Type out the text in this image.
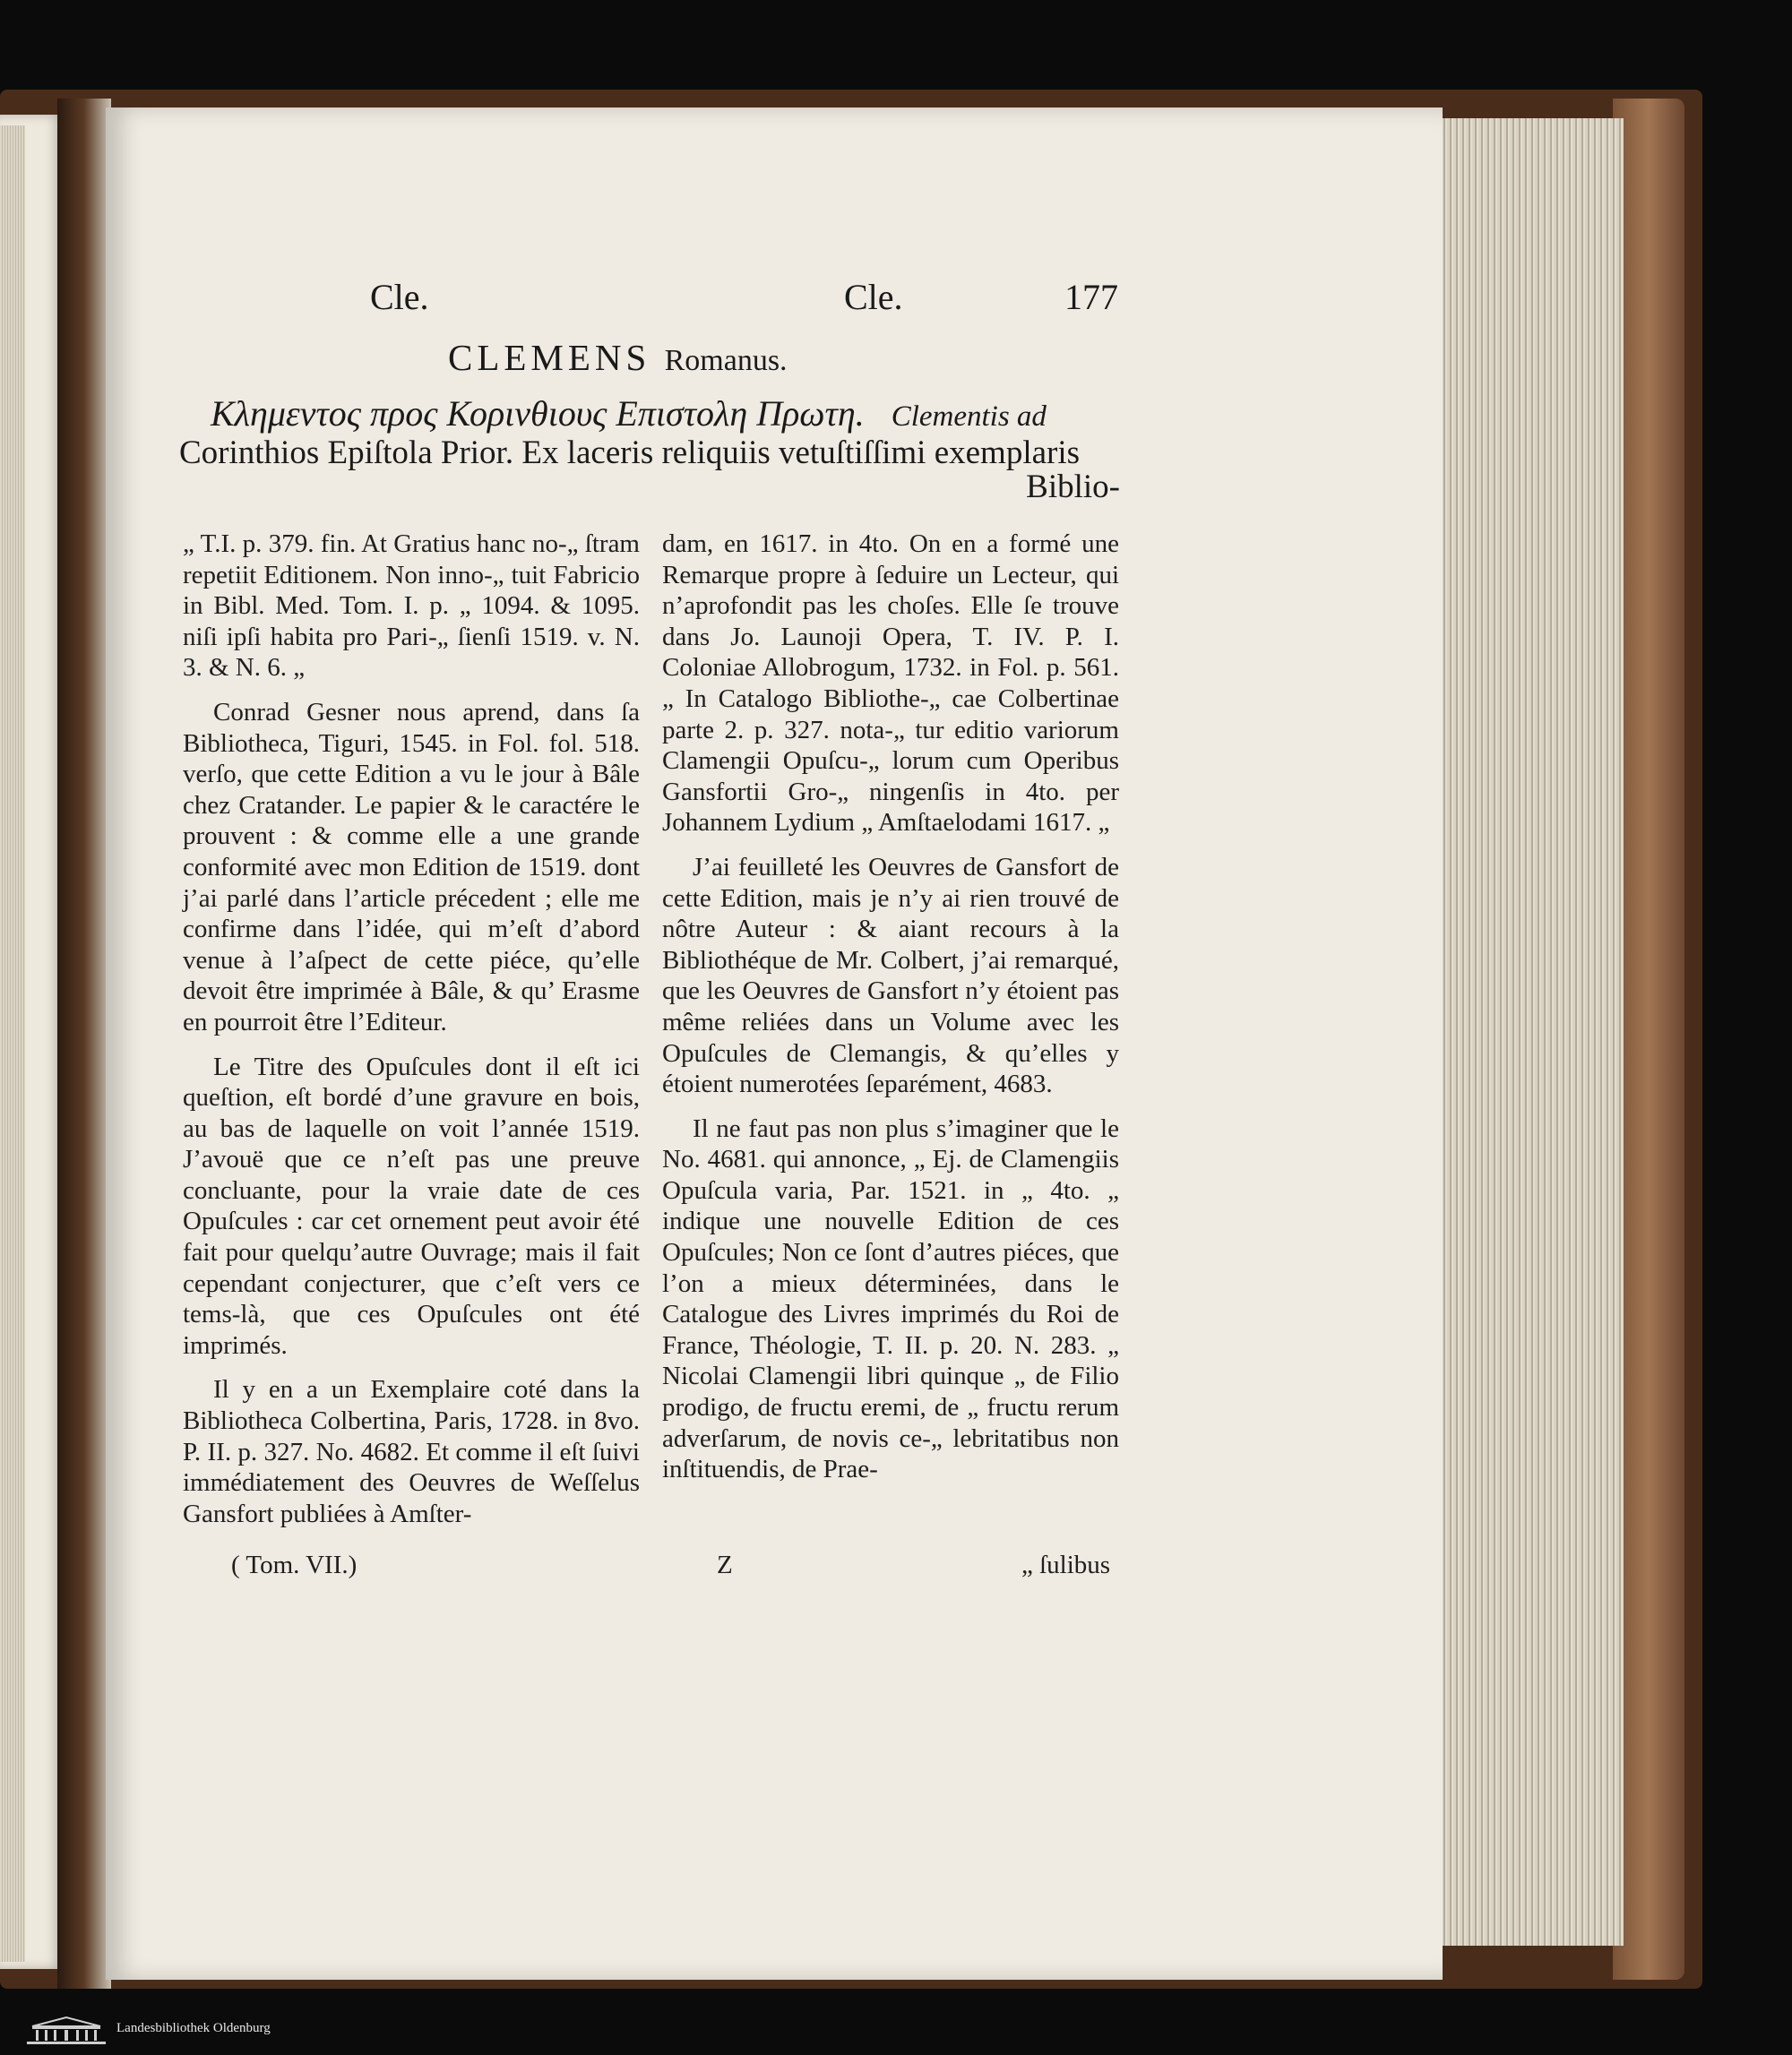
Cle.	Cle.	177
CLEMENS Romanus.
Κλημεντος προς Κορινθιους Επιστολη Πρωτη. Clementis ad
Corinthios Epiſtola Prior. Ex laceris reliquiis vetuſtiſſimi exemplaris
Biblio-

„ T.I. p. 379. fin. At Gratius hanc no-„ ſtram repetiit Editionem. Non inno-„ tuit Fabricio in Bibl. Med. Tom. I. p. „ 1094. & 1095. niſi ipſi habita pro Pari-„ ſienſi 1519. v. N. 3. & N. 6. „

Conrad Gesner nous aprend, dans ſa Bibliotheca, Tiguri, 1545. in Fol. fol. 518. verſo, que cette Edition a vu le jour à Bâle chez Cratander. Le papier & le caractére le prouvent : & comme elle a une grande conformité avec mon Edition de 1519. dont j’ai parlé dans l’article précedent ; elle me confirme dans l’idée, qui m’eſt d’abord venue à l’aſpect de cette piéce, qu’elle devoit être imprimée à Bâle, & qu’ Erasme en pourroit être l’Editeur.

Le Titre des Opuſcules dont il eſt ici queſtion, eſt bordé d’une gravure en bois, au bas de laquelle on voit l’année 1519. J’avouë que ce n’eſt pas une preuve concluante, pour la vraie date de ces Opuſcules : car cet ornement peut avoir été fait pour quelqu’autre Ouvrage; mais il fait cependant conjecturer, que c’eſt vers ce tems-là, que ces Opuſcules ont été imprimés.

Il y en a un Exemplaire coté dans la Bibliotheca Colbertina, Paris, 1728. in 8vo. P. II. p. 327. No. 4682. Et comme il eſt ſuivi immédiatement des Oeuvres de Weſſelus Gansfort publiées à Amſter-

dam, en 1617. in 4to. On en a formé une Remarque propre à ſeduire un Lecteur, qui n’aprofondit pas les choſes. Elle ſe trouve dans Jo. Launoji Opera, T. IV. P. I. Coloniae Allobrogum, 1732. in Fol. p. 561. „ In Catalogo Bibliothe-„ cae Colbertinae parte 2. p. 327. nota-„ tur editio variorum Clamengii Opuſcu-„ lorum cum Operibus Gansfortii Gro-„ ningenſis in 4to. per Johannem Lydium „ Amſtaelodami 1617. „

J’ai feuilleté les Oeuvres de Gansfort de cette Edition, mais je n’y ai rien trouvé de nôtre Auteur : & aiant recours à la Bibliothéque de Mr. Colbert, j’ai remarqué, que les Oeuvres de Gansfort n’y étoient pas même reliées dans un Volume avec les Opuſcules de Clemangis, & qu’elles y étoient numerotées ſeparément, 4683.

Il ne faut pas non plus s’imaginer que le No. 4681. qui annonce, „ Ej. de Clamengiis Opuſcula varia, Par. 1521. in „ 4to. „ indique une nouvelle Edition de ces Opuſcules; Non ce ſont d’autres piéces, que l’on a mieux déterminées, dans le Catalogue des Livres imprimés du Roi de France, Théologie, T. II. p. 20. N. 283. „ Nicolai Clamengii libri quinque „ de Filio prodigo, de fructu eremi, de „ fructu rerum adverſarum, de novis ce-„ lebritatibus non inſtituendis, de Prae-

( Tom. VII.)	Z	„ ſulibus
Landesbibliothek Oldenburg
